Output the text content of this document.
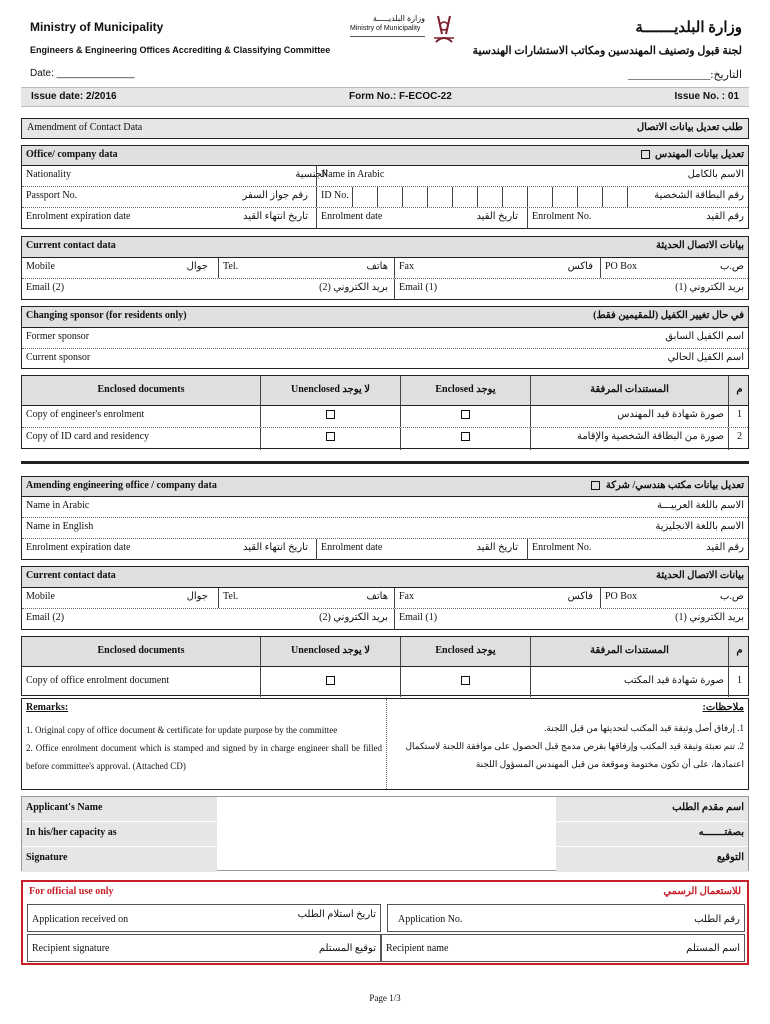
Ministry of Municipality
Engineers & Engineering Offices Accrediting & Classifying Committee
Date: ______________
وزارة البلديـــــــة
لجنة قبول وتصنيف المهندسين ومكاتب الاستشارات الهندسية
التاريخ:_______________
وزارة البلديـــــة
Ministry of Municipality
Issue date: 2/2016	Form No.: F-ECOC-22	Issue No. : 01
Amendment of Contact Data	طلب تعديل بيانات الاتصال
Office/ company data	تعديل بيانات المهندس
Nationality	الجنسية
Name in Arabic	الاسم بالكامل
Passport No.	رقم جواز السفر	ID No.	رقم البطاقة الشخصية
Enrolment expiration date	تاريخ انتهاء القيد	Enrolment date	تاريخ القيد	Enrolment No.	رقم القيد
Current contact data	بيانات الاتصال الحديثة
Mobile	جوال	Tel.	هاتف	Fax	فاكس	PO Box	ص.ب
Email (2)	بريد الكتروني (2)	Email (1)	بريد الكتروني (1)
Changing sponsor (for residents only)	في حال تغيير الكفيل (للمقيمين فقط)
Former sponsor	اسم الكفيل السابق
Current sponsor	اسم الكفيل الحالي
Enclosed documents	Unenclosed لا يوجد	Enclosed يوجد	المستندات المرفقة	م
Copy of engineer's enrolment	صورة شهادة قيد المهندس	1
Copy of ID card and residency	صورة من البطاقة الشخصية والإقامة	2
Amending engineering office / company data	تعديل بيانات مكتب هندسي/ شركة
Name in Arabic	الاسم باللغة العربيـــة
Name in English	الاسم باللغة الانجليزية
Enrolment expiration date	تاريخ انتهاء القيد	Enrolment date	تاريخ القيد	Enrolment No.	رقم القيد
Current contact data	بيانات الاتصال الحديثة
Mobile	جوال	Tel.	هاتف	Fax	فاكس	PO Box	ص.ب
Email (2)	بريد الكتروني (2)	Email (1)	بريد الكتروني (1)
Enclosed documents	Unenclosed لا يوجد	Enclosed يوجد	المستندات المرفقة	م
Copy of office enrolment document	صورة شهادة قيد المكتب	1
Remarks:
1. Original copy of office document & certificate for update purpose by the committee
2. Office enrolment document which is stamped and signed by in charge engineer shall be filled before committee's approval. (Attached CD)
ملاحظات:
1. إرفاق أصل وثيقة قيد المكتب لتحديثها من قبل اللجنة.
2. تتم تعبئة وثيقة قيد المكتب وإرفاقها بقرص مدمج قبل الحصول على موافقة اللجنة لاستكمال اعتمادها، على أن تكون مختومة وموقعة من قبل المهندس المسؤول اللجنة
Applicant's Name	اسم مقدم الطلب
In his/her capacity as	بصفتـــــــه
Signature	التوقيع
For official use only	للاستعمال الرسمي
Application received on	تاريخ استلام الطلب Application No.	رقم الطلب
Recipient signature	توقيع المستلم Recipient name	اسم المستلم
Page 1/3
